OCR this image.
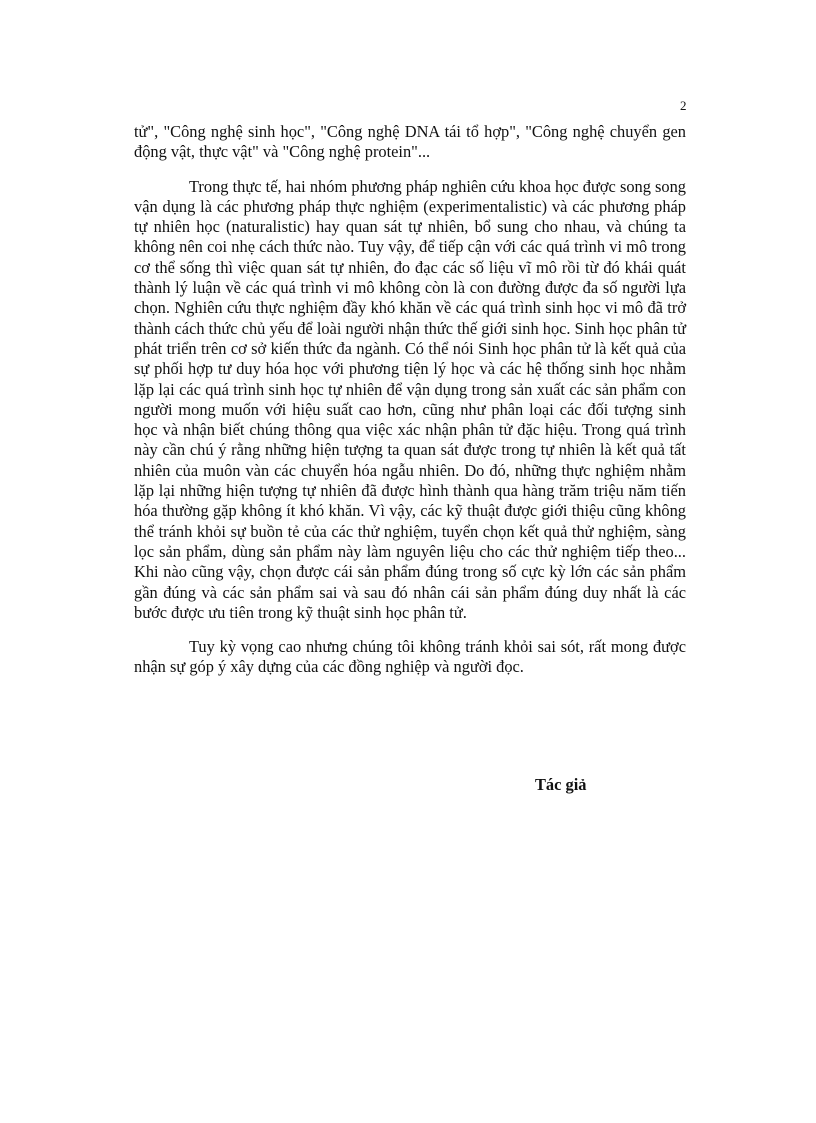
2

tử", "Công nghệ sinh học", "Công nghệ DNA tái tổ hợp", "Công nghệ chuyển gen động vật, thực vật" và "Công nghệ protein"...

Trong thực tế, hai nhóm phương pháp nghiên cứu khoa học được song song vận dụng là các phương pháp thực nghiệm (experimentalistic) và các phương pháp tự nhiên học (naturalistic) hay quan sát tự nhiên, bổ sung cho nhau, và chúng ta không nên coi nhẹ cách thức nào. Tuy vậy, để tiếp cận với các quá trình vi mô trong cơ thể sống thì việc quan sát tự nhiên, đo đạc các số liệu vĩ mô rồi từ đó khái quát thành lý luận về các quá trình vi mô không còn là con đường được đa số người lựa chọn. Nghiên cứu thực nghiệm đầy khó khăn về các quá trình sinh học vi mô đã trở thành cách thức chủ yếu để loài người nhận thức thế giới sinh học. Sinh học phân tử phát triển trên cơ sở kiến thức đa ngành. Có thể nói Sinh học phân tử là kết quả của sự phối hợp tư duy hóa học với phương tiện lý học và các hệ thống sinh học nhằm lặp lại các quá trình sinh học tự nhiên để vận dụng trong sản xuất các sản phẩm con người mong muốn với hiệu suất cao hơn, cũng như phân loại các đối tượng sinh học và nhận biết chúng thông qua việc xác nhận phân tử đặc hiệu. Trong quá trình này cần chú ý rằng những hiện tượng ta quan sát được trong tự nhiên là kết quả tất nhiên của muôn vàn các chuyển hóa ngẫu nhiên. Do đó, những thực nghiệm nhằm lặp lại những hiện tượng tự nhiên đã được hình thành qua hàng trăm triệu năm tiến hóa thường gặp không ít khó khăn. Vì vậy, các kỹ thuật được giới thiệu cũng không thể tránh khỏi sự buồn tẻ của các thử nghiệm, tuyển chọn kết quả thử nghiệm, sàng lọc sản phẩm, dùng sản phẩm này làm nguyên liệu cho các thử nghiệm tiếp theo... Khi nào cũng vậy, chọn được cái sản phẩm đúng trong số cực kỳ lớn các sản phẩm gần đúng và các sản phẩm sai và sau đó nhân cái sản phẩm đúng duy nhất là các bước được ưu tiên trong kỹ thuật sinh học phân tử.

Tuy kỳ vọng cao nhưng chúng tôi không tránh khỏi sai sót, rất mong được nhận sự góp ý xây dựng của các đồng nghiệp và người đọc.

Tác giả
